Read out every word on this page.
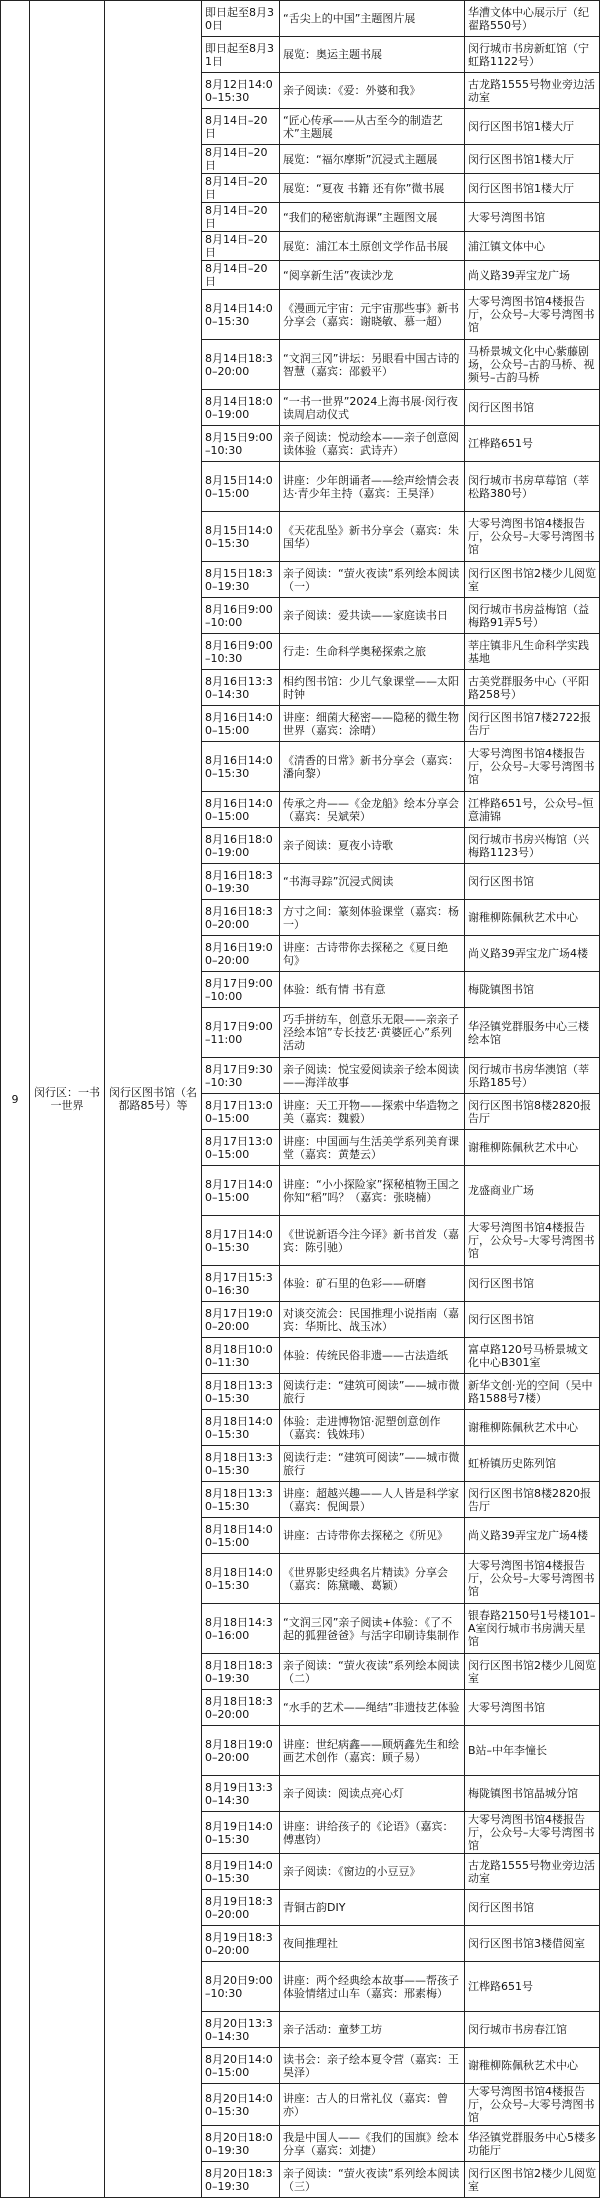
9	闵行区：一书一世界	闵行区图书馆（名都路85号）等	即日起至8月30日	“舌尖上的中国”主题图片展	华漕文体中心展示厅（纪翟路550号）
			即日起至8月31日	展览：奥运主题书展	闵行城市书房新虹馆（宁虹路1122号）
			8月12日14:00–15:30	亲子阅读：《爱：外婆和我》	古龙路1555号物业旁边活动室
			8月14日–20日	“匠心传承——从古至今的制造艺术”主题展	闵行区图书馆1楼大厅
			8月14日–20日	展览：“福尔摩斯”沉浸式主题展	闵行区图书馆1楼大厅
			8月14日–20日	展览：“夏夜 书籍 还有你”微书展	闵行区图书馆1楼大厅
			8月14日–20日	“我们的秘密航海课”主题图文展	大零号湾图书馆
			8月14日–20日	展览：浦江本土原创文学作品书展	浦江镇文体中心
			8月14日–20日	“阅享新生活”夜读沙龙	尚义路39弄宝龙广场
			8月14日14:00–15:30	《漫画元宇宙：元宇宙那些事》新书分享会（嘉宾：谢晓敏、慕一超）	大零号湾图书馆4楼报告厅，公众号–大零号湾图书馆
			8月14日18:30–20:00	“文润三冈”讲坛：另眼看中国古诗的智慧（嘉宾：邵毅平）	马桥景城文化中心紫藤剧场，公众号–古韵马桥、视频号–古韵马桥
			8月14日18:00–19:00	“一书一世界”2024上海书展·闵行夜读周启动仪式	闵行区图书馆
			8月15日9:00–10:30	亲子阅读：悦动绘本——亲子创意阅读体验（嘉宾：武诗卉）	江桦路651号
			8月15日14:00–15:00	讲座：少年朗诵者——绘声绘情会表达·青少年主持（嘉宾：王昊泽）	闵行城市书房草莓馆（莘松路380号）
			8月15日14:00–15:30	《天花乱坠》新书分享会（嘉宾：朱国华）	大零号湾图书馆4楼报告厅，公众号–大零号湾图书馆
			8月15日18:30–19:30	亲子阅读：“萤火夜读”系列绘本阅读（一）	闵行区图书馆2楼少儿阅览室
			8月16日9:00–10:00	亲子阅读：爱共读——家庭读书日	闵行城市书房益梅馆（益梅路91弄5号）
			8月16日9:00–10:30	行走：生命科学奥秘探索之旅	莘庄镇非凡生命科学实践基地
			8月16日13:30–14:30	相约图书馆：少儿气象课堂——太阳时钟	古美党群服务中心（平阳路258号）
			8月16日14:00–15:00	讲座：细菌大秘密——隐秘的微生物世界（嘉宾：涂晴）	闵行区图书馆7楼2722报告厅
			8月16日14:00–15:30	《清香的日常》新书分享会（嘉宾：潘向黎）	大零号湾图书馆4楼报告厅，公众号–大零号湾图书馆
			8月16日14:00–15:00	传承之舟——《金龙船》绘本分享会（嘉宾：吴斌荣）	江桦路651号，公众号–恒意浦锦
			8月16日18:00–19:00	亲子阅读：夏夜小诗歌	闵行城市书房兴梅馆（兴梅路1123号）
			8月16日18:30–19:30	“书海寻踪”沉浸式阅读	闵行区图书馆
			8月16日18:30–20:00	方寸之间：篆刻体验课堂（嘉宾：杨一）	谢稚柳陈佩秋艺术中心
			8月16日19:00–20:00	讲座：古诗带你去探秘之《夏日绝句》	尚义路39弄宝龙广场4楼
			8月17日9:00–10:00	体验：纸有情 书有意	梅陇镇图书馆
			8月17日9:00–11:00	巧手拼纺车，创意乐无限——亲亲子泾绘本馆”专长技艺·黄婆匠心”系列活动	华泾镇党群服务中心三楼绘本馆
			8月17日9:30–10:30	亲子阅读：悦宝爱阅读亲子绘本阅读——海洋故事	闵行城市书房华澳馆（莘乐路185号）
			8月17日13:00–15:00	讲座：天工开物——探索中华造物之美（嘉宾：魏毅）	闵行区图书馆8楼2820报告厅
			8月17日13:00–15:00	讲座：中国画与生活美学系列美育课堂（嘉宾：黄楚云）	谢稚柳陈佩秋艺术中心
			8月17日14:00–15:00	讲座：“小小探险家”探秘植物王国之你知“稻”吗？（嘉宾：张晓楠）	龙盛商业广场
			8月17日14:00–15:30	《世说新语今注今译》新书首发（嘉宾：陈引驰）	大零号湾图书馆4楼报告厅，公众号–大零号湾图书馆
			8月17日15:30–16:30	体验：矿石里的色彩——研磨	闵行区图书馆
			8月17日19:00–20:00	对谈交流会：民国推理小说指南（嘉宾：华斯比、战玉冰）	闵行区图书馆
			8月18日10:00–11:30	体验：传统民俗非遗——古法造纸	富卓路120号马桥景城文化中心B301室
			8月18日13:30–15:30	阅读行走：“建筑可阅读”——城市微旅行	新华文创·光的空间（吴中路1588号7楼）
			8月18日14:00–15:30	体验：走进博物馆·泥塑创意创作（嘉宾：钱姝玮）	谢稚柳陈佩秋艺术中心
			8月18日13:30–15:30	阅读行走：“建筑可阅读”——城市微旅行	虹桥镇历史陈列馆
			8月18日13:30–15:30	讲座：超越兴趣——人人皆是科学家（嘉宾：倪闽景）	闵行区图书馆8楼2820报告厅
			8月18日14:00–15:00	讲座：古诗带你去探秘之《所见》	尚义路39弄宝龙广场4楼
			8月18日14:00–15:30	《世界影史经典名片精读》分享会（嘉宾：陈黛曦、葛颖）	大零号湾图书馆4楼报告厅，公众号–大零号湾图书馆
			8月18日14:30–16:00	“文润三冈”亲子阅读+体验：《了不起的狐狸爸爸》与活字印刷诗集制作	银春路2150号1号楼101–A室闵行城市书房满天星馆
			8月18日18:30–19:30	亲子阅读：“萤火夜读”系列绘本阅读（二）	闵行区图书馆2楼少儿阅览室
			8月18日18:30–20:00	“水手的艺术——绳结”非遗技艺体验	大零号湾图书馆
			8月18日19:00–20:00	讲座：世纪病鑫——顾炳鑫先生和绘画艺术创作（嘉宾：顾子易）	B站–中年李憧长
			8月19日13:30–14:30	亲子阅读：阅读点亮心灯	梅陇镇图书馆晶城分馆
			8月19日14:00–15:30	讲座：讲给孩子的《论语》（嘉宾：傅惠钧）	大零号湾图书馆4楼报告厅，公众号–大零号湾图书馆
			8月19日14:00–15:30	亲子阅读：《窗边的小豆豆》	古龙路1555号物业旁边活动室
			8月19日18:30–20:00	青铜古韵DIY	闵行区图书馆
			8月19日18:30–20:00	夜间推理社	闵行区图书馆3楼借阅室
			8月20日9:00–10:30	讲座：两个经典绘本故事——帮孩子体验情绪过山车（嘉宾：邢素梅）	江桦路651号
			8月20日13:30–14:30	亲子活动：童梦工坊	闵行城市书房春江馆
			8月20日14:00–15:00	读书会：亲子绘本夏令营（嘉宾：王昊泽）	谢稚柳陈佩秋艺术中心
			8月20日14:00–15:30	讲座：古人的日常礼仪（嘉宾：曾亦）	大零号湾图书馆4楼报告厅，公众号–大零号湾图书馆
			8月20日18:00–19:30	我是中国人——《我们的国旗》绘本分享（嘉宾：刘捷）	华泾镇党群服务中心5楼多功能厅
			8月20日18:30–19:30	亲子阅读：“萤火夜读”系列绘本阅读（三）	闵行区图书馆2楼少儿阅览室
